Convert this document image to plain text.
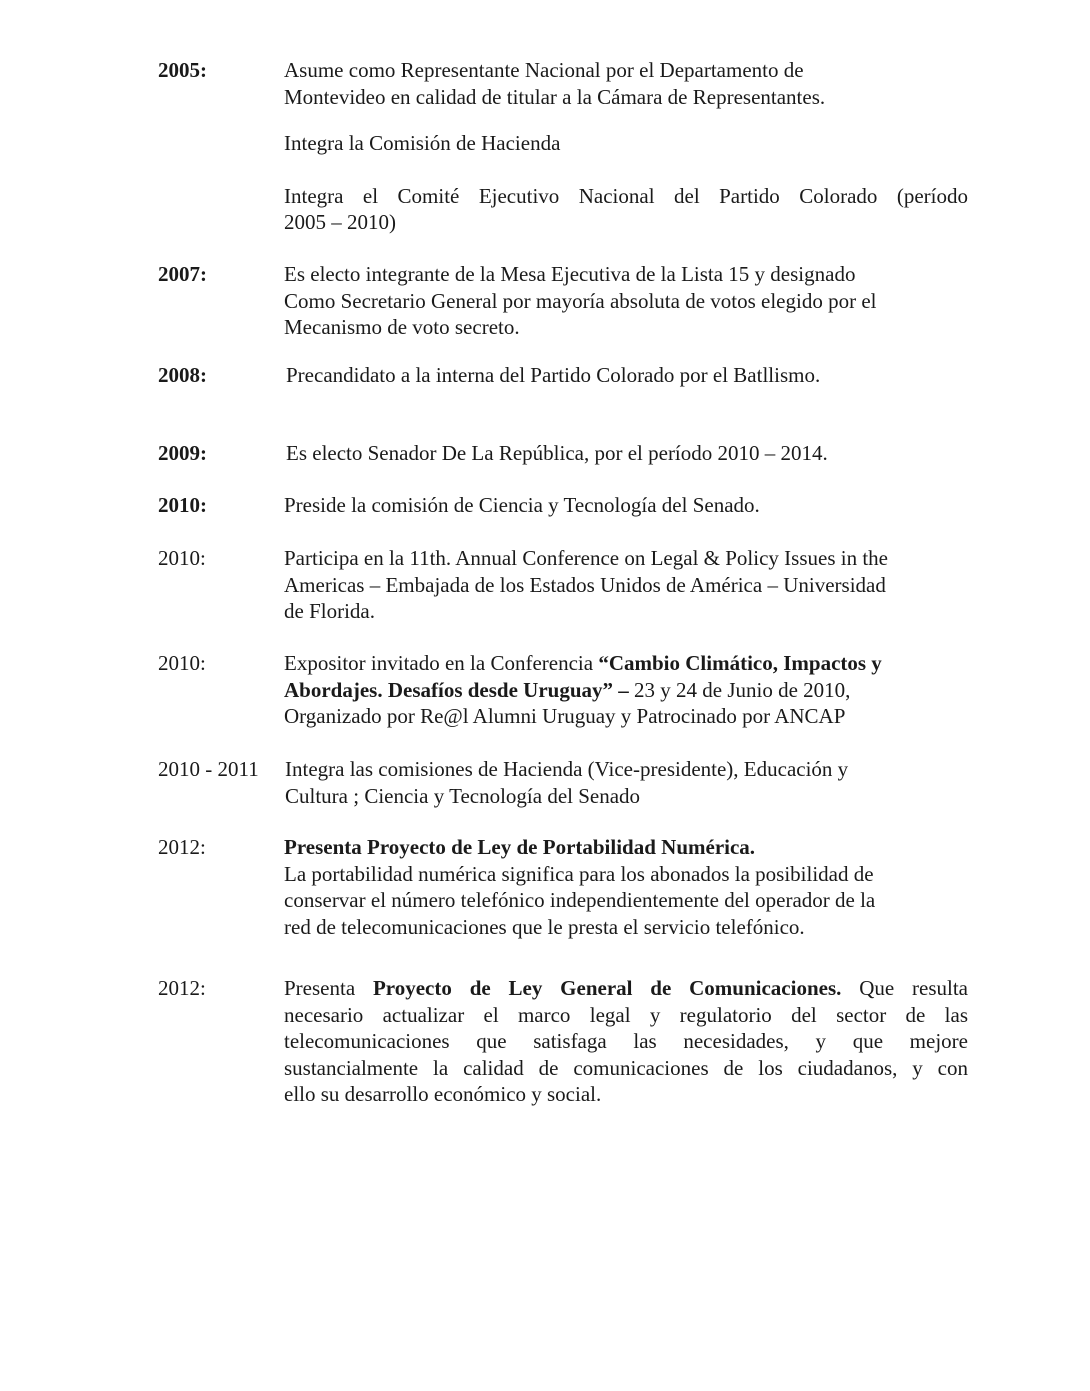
2005:	Asume como Representante Nacional por el Departamento de
Montevideo en calidad de titular a la Cámara de Representantes.
Integra la Comisión de Hacienda
Integra el Comité Ejecutivo Nacional del Partido Colorado (período
2005 – 2010)
2007:	Es electo integrante de la Mesa Ejecutiva de la Lista 15 y designado
Como Secretario General por mayoría absoluta de votos elegido por el
Mecanismo de voto secreto.
2008:	Precandidato a la interna del Partido Colorado por el Batllismo.
2009:	Es electo Senador De La República, por el período 2010 – 2014.
2010:	Preside la comisión de Ciencia y Tecnología del Senado.
2010:	Participa en la 11th. Annual Conference on Legal & Policy Issues in the
Americas – Embajada de los Estados Unidos de América – Universidad
de Florida.
2010:	Expositor invitado en la Conferencia “Cambio Climático, Impactos y
Abordajes. Desafíos desde Uruguay” – 23 y 24 de Junio de 2010,
Organizado por Re@l Alumni Uruguay y Patrocinado por ANCAP
2010 - 2011 Integra las comisiones de Hacienda (Vice-presidente), Educación y
Cultura ; Ciencia y Tecnología del Senado
2012:	Presenta Proyecto de Ley de Portabilidad Numérica.
La portabilidad numérica significa para los abonados la posibilidad de
conservar el número telefónico independientemente del operador de la
red de telecomunicaciones que le presta el servicio telefónico.
2012:	Presenta Proyecto de Ley General de Comunicaciones. Que resulta
necesario actualizar el marco legal y regulatorio del sector de las
telecomunicaciones que satisfaga las necesidades, y que mejore
sustancialmente la calidad de comunicaciones de los ciudadanos, y con
ello su desarrollo económico y social.
